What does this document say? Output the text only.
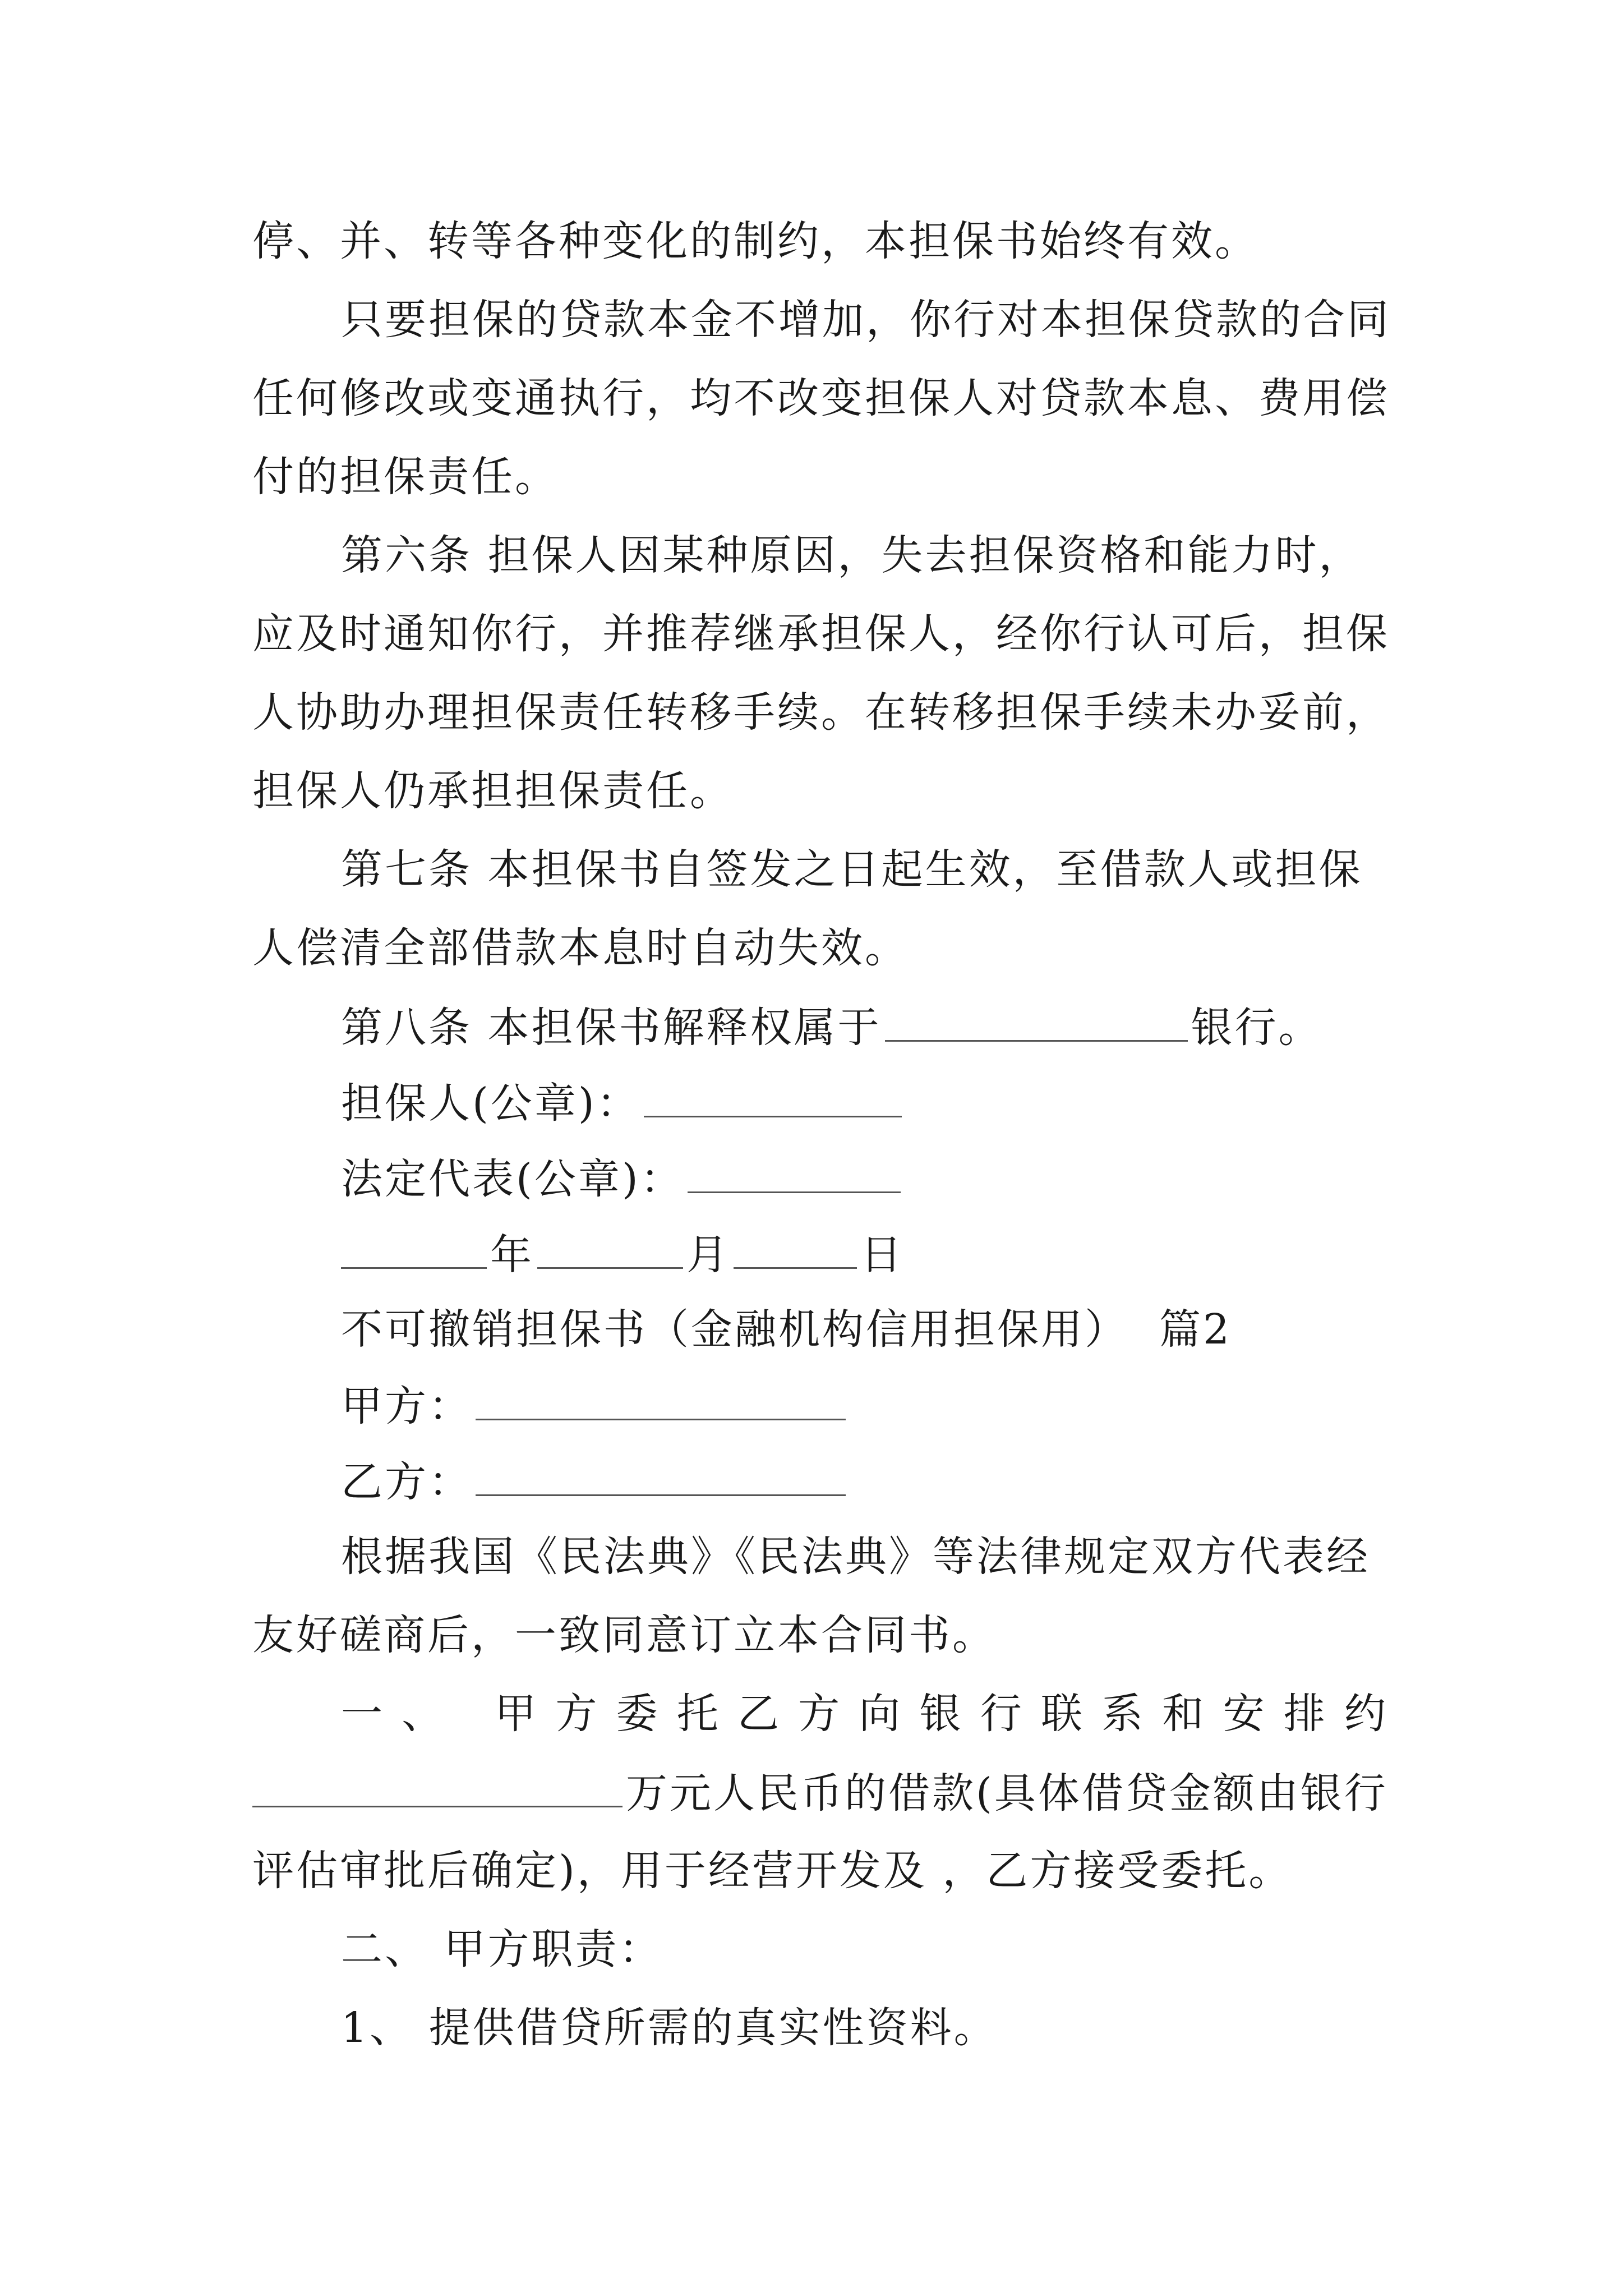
停、并、转等各种变化的制约，本担保书始终有效。
只要担保的贷款本金不增加，你行对本担保贷款的合同
任何修改或变通执行，均不改变担保人对贷款本息、费用偿
付的担保责任。
第六条 担保人因某种原因，失去担保资格和能力时，
应及时通知你行，并推荐继承担保人，经你行认可后，担保
人协助办理担保责任转移手续。在转移担保手续未办妥前，
担保人仍承担担保责任。
第七条 本担保书自签发之日起生效，至借款人或担保
人偿清全部借款本息时自动失效。
第八条 本担保书解释权属于	银行。
担保人(公章)：
法定代表(公章)：
年	月	日
不可撤销担保书（金融机构信用担保用）  篇2
甲方：
乙方：
根据我国《民法典》《民法典》等法律规定双方代表经
友好磋商后，一致同意订立本合同书。
一、 甲方委托乙方向银行联系和安排约
万元人民币的借款(具体借贷金额由银行
评估审批后确定)，用于经营开发及 ，乙方接受委托。
二、 甲方职责：
1、 提供借贷所需的真实性资料。
